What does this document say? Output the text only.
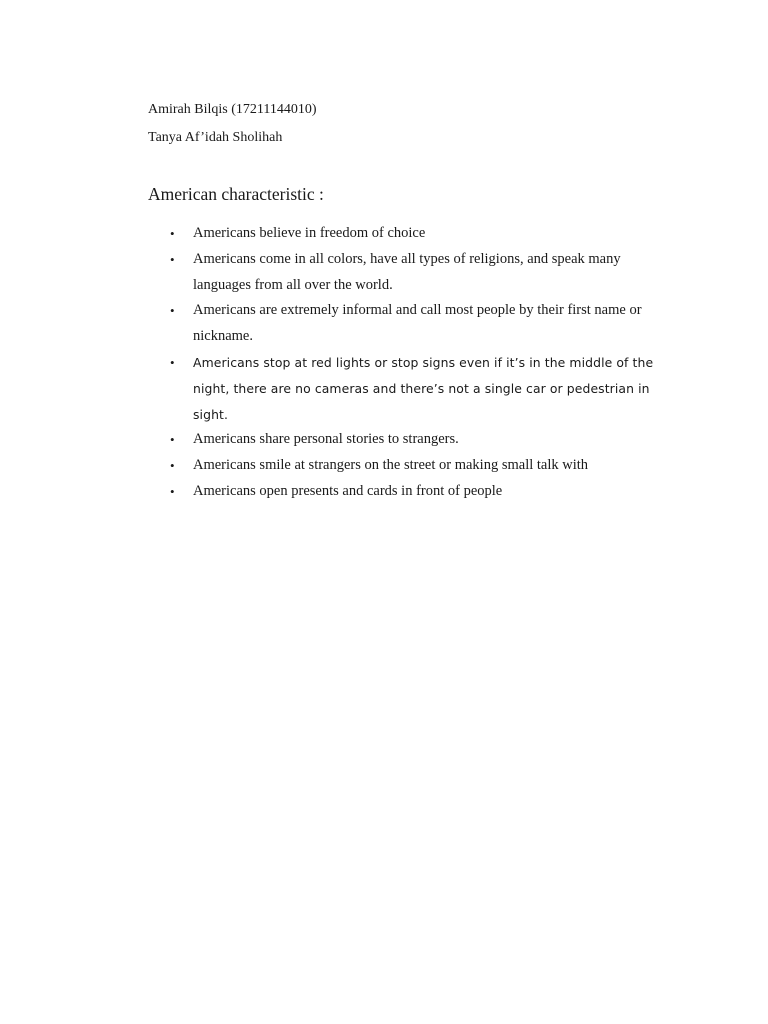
Amirah Bilqis (17211144010)
Tanya Af’idah Sholihah
American characteristic :
• Americans believe in freedom of choice
• Americans come in all colors, have all types of religions, and speak many languages from all over the world.
• Americans are extremely informal and call most people by their first name or nickname.
• Americans stop at red lights or stop signs even if it’s in the middle of the night, there are no cameras and there’s not a single car or pedestrian in sight.
• Americans share personal stories to strangers.
• Americans smile at strangers on the street or making small talk with
• Americans open presents and cards in front of people
